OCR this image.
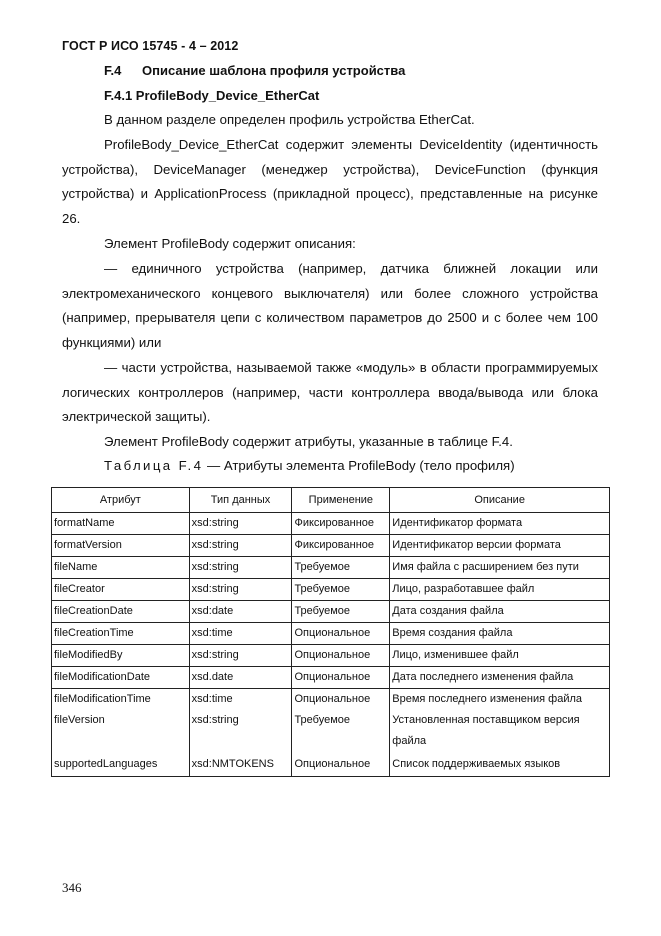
ГОСТ Р ИСО 15745 - 4 – 2012
F.4 Описание шаблона профиля устройства
F.4.1 ProfileBody_Device_EtherCat
В данном разделе определен профиль устройства EtherCat.
ProfileBody_Device_EtherCat содержит элементы DeviceIdentity (идентичность устройства), DeviceManager (менеджер устройства), DeviceFunction (функция устройства) и ApplicationProcess (прикладной процесс), представленные на рисунке 26.
Элемент ProfileBody содержит описания:
— единичного устройства (например, датчика ближней локации или электромеханического концевого выключателя) или более сложного устройства (например, прерывателя цепи с количеством параметров до 2500 и с более чем 100 функциями) или
— части устройства, называемой также «модуль» в области программируемых логических контроллеров (например, части контроллера ввода/вывода или блока электрической защиты).
Элемент ProfileBody содержит атрибуты, указанные в таблице F.4.
Таблица F.4 — Атрибуты элемента ProfileBody (тело профиля)
Атрибут	Тип данных	Применение	Описание
formatName	xsd:string	Фиксированное	Идентификатор формата
formatVersion	xsd:string	Фиксированное	Идентификатор версии формата
fileName	xsd:string	Требуемое	Имя файла с расширением без пути
fileCreator	xsd:string	Требуемое	Лицо, разработавшее файл
fileCreationDate	xsd:date	Требуемое	Дата создания файла
fileCreationTime	xsd:time	Опциональное	Время создания файла
fileModifiedBy	xsd:string	Опциональное	Лицо, изменившее файл
fileModificationDate	xsd.date	Опциональное	Дата последнего изменения файла
fileModificationTime	xsd:time	Опциональное	Время последнего изменения файла
fileVersion	xsd:string	Требуемое	Установленная поставщиком версия файла
supportedLanguages	xsd:NMTOKENS	Опциональное	Список поддерживаемых языков
346
